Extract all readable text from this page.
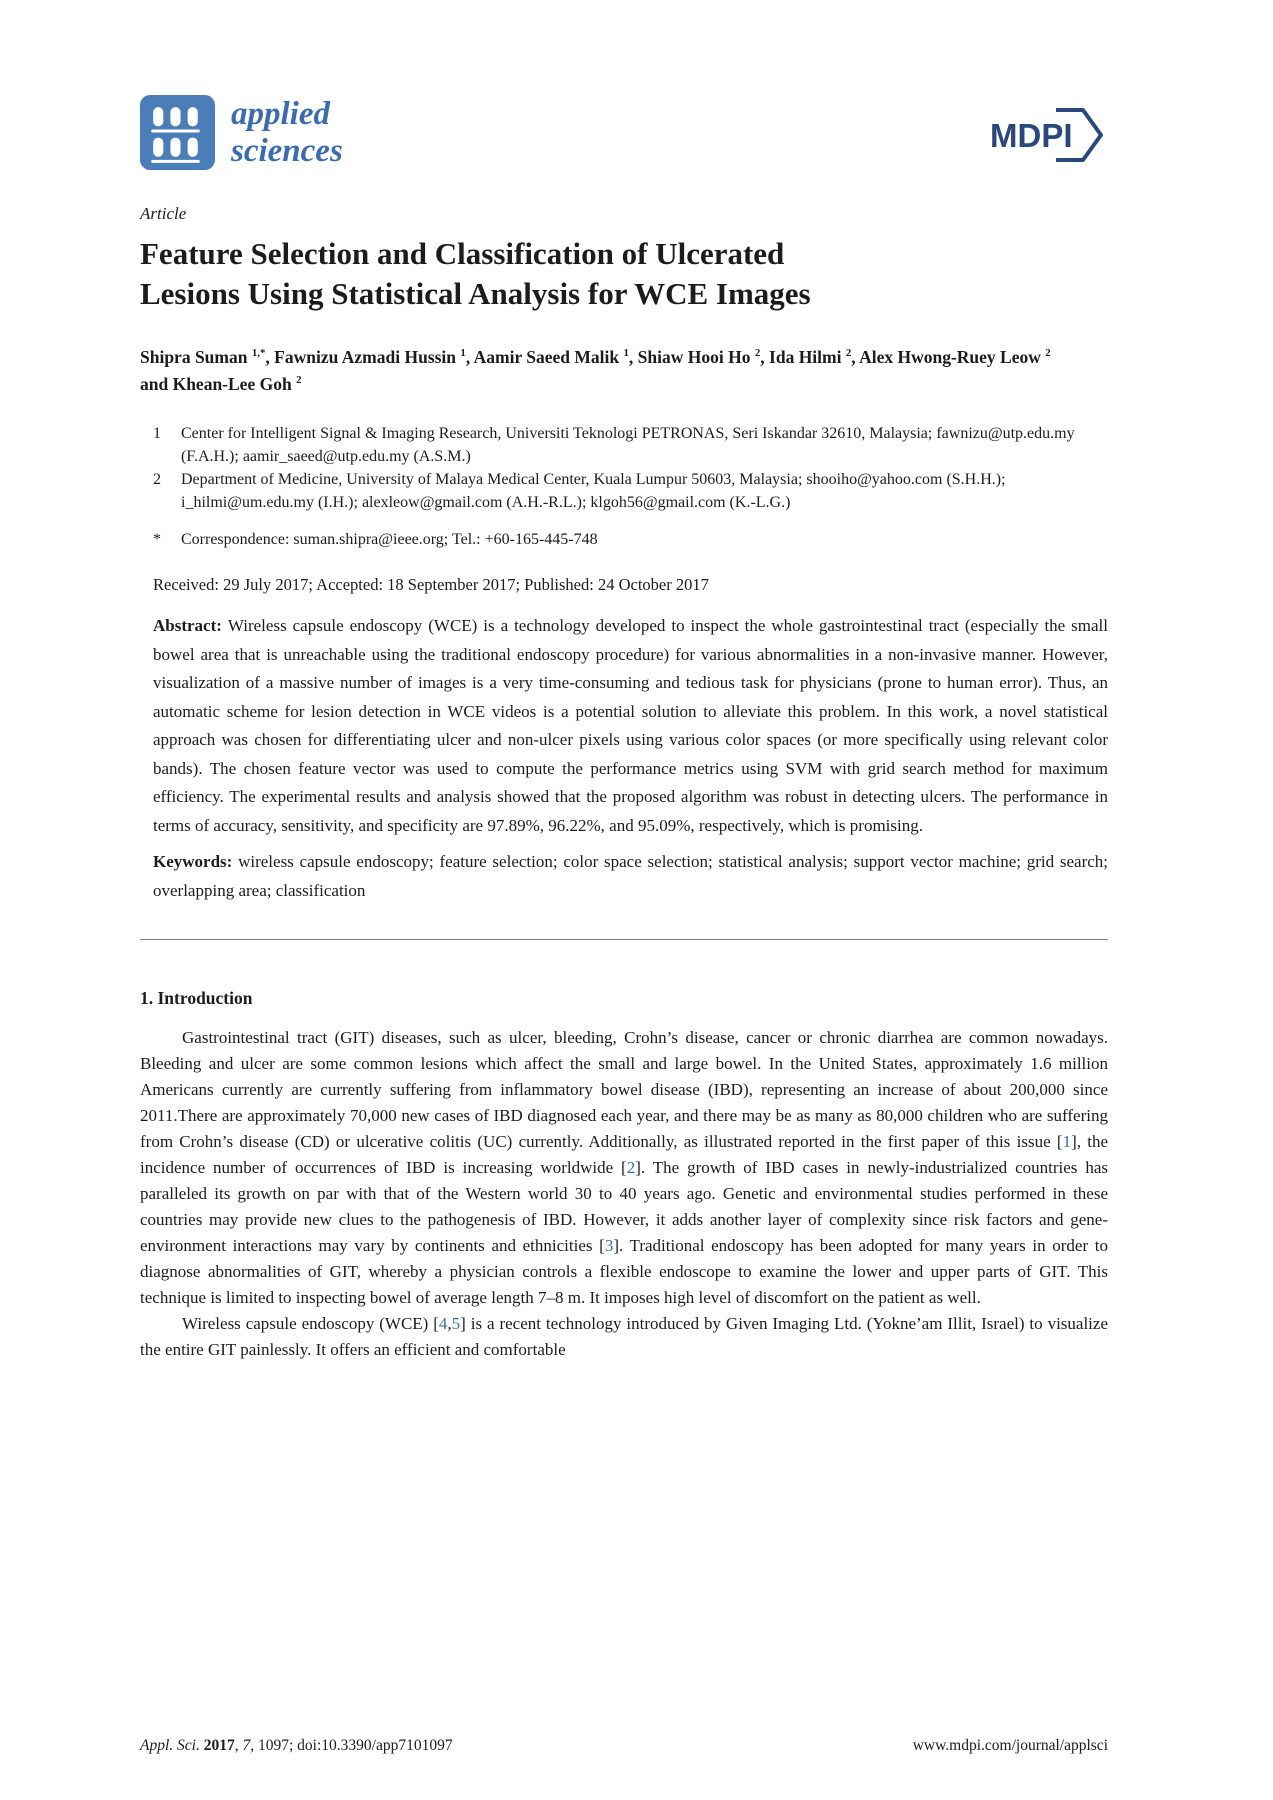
applied
sciences	MDPI
Article
Feature Selection and Classification of Ulcerated
Lesions Using Statistical Analysis for WCE Images

Shipra Suman $^{1,*}$, Fawnizu Azmadi Hussin $^1$, Aamir Saeed Malik $^1$, Shiaw Hooi Ho $^2$, Ida Hilmi $^2$, Alex Hwong-Ruey Leow $^2$ and Khean-Lee Goh $^2$

1	Center for Intelligent Signal & Imaging Research, Universiti Teknologi PETRONAS, Seri Iskandar 32610, Malaysia; fawnizu@utp.edu.my (F.A.H.); aamir_saeed@utp.edu.my (A.S.M.)
2	Department of Medicine, University of Malaya Medical Center, Kuala Lumpur 50603, Malaysia; shooiho@yahoo.com (S.H.H.); i_hilmi@um.edu.my (I.H.); alexleow@gmail.com (A.H.-R.L.); klgoh56@gmail.com (K.-L.G.)
*	Correspondence: suman.shipra@ieee.org; Tel.: +60-165-445-748
Received: 29 July 2017; Accepted: 18 September 2017; Published: 24 October 2017

Abstract: Wireless capsule endoscopy (WCE) is a technology developed to inspect the whole gastrointestinal tract (especially the small bowel area that is unreachable using the traditional endoscopy procedure) for various abnormalities in a non-invasive manner. However, visualization of a massive number of images is a very time-consuming and tedious task for physicians (prone to human error). Thus, an automatic scheme for lesion detection in WCE videos is a potential solution to alleviate this problem. In this work, a novel statistical approach was chosen for differentiating ulcer and non-ulcer pixels using various color spaces (or more specifically using relevant color bands). The chosen feature vector was used to compute the performance metrics using SVM with grid search method for maximum efficiency. The experimental results and analysis showed that the proposed algorithm was robust in detecting ulcers. The performance in terms of accuracy, sensitivity, and specificity are 97.89%, 96.22%, and 95.09%, respectively, which is promising.

Keywords: wireless capsule endoscopy; feature selection; color space selection; statistical analysis; support vector machine; grid search; overlapping area; classification

1. Introduction

Gastrointestinal tract (GIT) diseases, such as ulcer, bleeding, Crohn’s disease, cancer or chronic diarrhea are common nowadays. Bleeding and ulcer are some common lesions which affect the small and large bowel. In the United States, approximately 1.6 million Americans currently are currently suffering from inflammatory bowel disease (IBD), representing an increase of about 200,000 since 2011.There are approximately 70,000 new cases of IBD diagnosed each year, and there may be as many as 80,000 children who are suffering from Crohn’s disease (CD) or ulcerative colitis (UC) currently. Additionally, as illustrated reported in the first paper of this issue [1], the incidence number of occurrences of IBD is increasing worldwide [2]. The growth of IBD cases in newly-industrialized countries has paralleled its growth on par with that of the Western world 30 to 40 years ago. Genetic and environmental studies performed in these countries may provide new clues to the pathogenesis of IBD. However, it adds another layer of complexity since risk factors and gene-environment interactions may vary by continents and ethnicities [3]. Traditional endoscopy has been adopted for many years in order to diagnose abnormalities of GIT, whereby a physician controls a flexible endoscope to examine the lower and upper parts of GIT. This technique is limited to inspecting bowel of average length 7–8 m. It imposes high level of discomfort on the patient as well.

Wireless capsule endoscopy (WCE) [4,5] is a recent technology introduced by Given Imaging Ltd. (Yokne’am Illit, Israel) to visualize the entire GIT painlessly. It offers an efficient and comfortable

Appl. Sci. 2017, 7, 1097; doi:10.3390/app7101097	www.mdpi.com/journal/applsci
